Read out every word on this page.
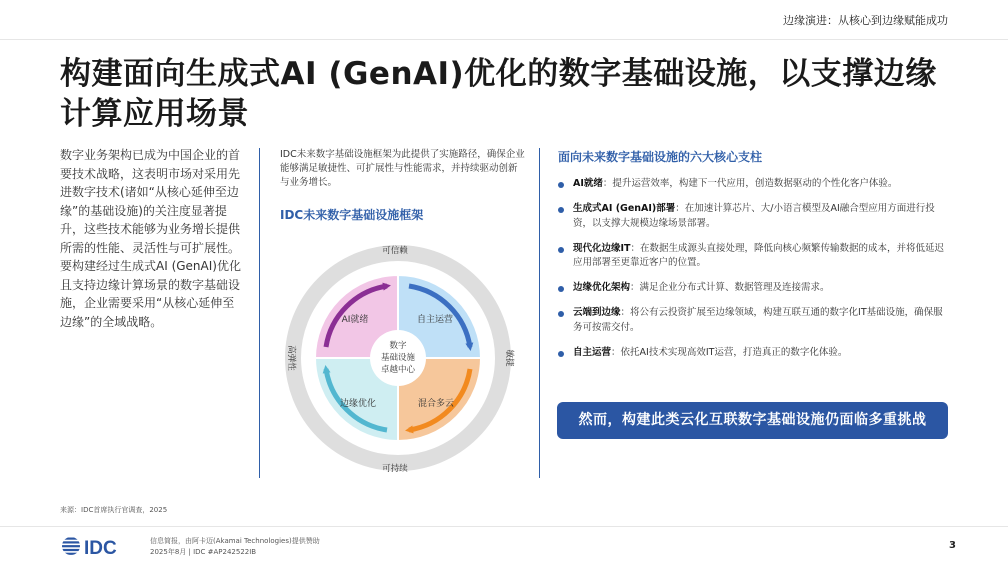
边缘演进：从核心到边缘赋能成功
构建面向生成式AI (GenAI)优化的数字基础设施，以支撑边缘计算应用场景

数字业务架构已成为中国企业的首要技术战略，这表明市场对采用先进数字技术(诸如“从核心延伸至边缘”的基础设施)的关注度显著提升，这些技术能够为业务增长提供所需的性能、灵活性与可扩展性。要构建经过生成式AI (GenAI)优化且支持边缘计算场景的数字基础设施，企业需要采用“从核心延伸至边缘”的全域战略。

IDC未来数字基础设施框架为此提供了实施路径，确保企业能够满足敏捷性、可扩展性与性能需求，并持续驱动创新与业务增长。

IDC未来数字基础设施框架
数字
基础设施
卓越中心
AI就绪	自主运营
边缘优化	混合多云
可信赖
可持续
敏捷
高弹性
面向未来数字基础设施的六大核心支柱
AI就绪：提升运营效率，构建下一代应用，创造数据驱动的个性化客户体验。
生成式AI (GenAI)部署：在加速计算芯片、大/小语言模型及AI融合型应用方面进行投资，以支撑大规模边缘场景部署。
现代化边缘IT：在数据生成源头直接处理，降低向核心频繁传输数据的成本，并将低延迟应用部署至更靠近客户的位置。
边缘优化架构：满足企业分布式计算、数据管理及连接需求。
云端到边缘：将公有云投资扩展至边缘领域，构建互联互通的数字化IT基础设施，确保服务可按需交付。
自主运营：依托AI技术实现高效IT运营，打造真正的数字化体验。
然而，构建此类云化互联数字基础设施仍面临多重挑战
来源：IDC首席执行官调查，2025
IDC	信息简报，由阿卡迈(Akamai Technologies)提供赞助
2025年8月 | IDC #AP242522IB
3
